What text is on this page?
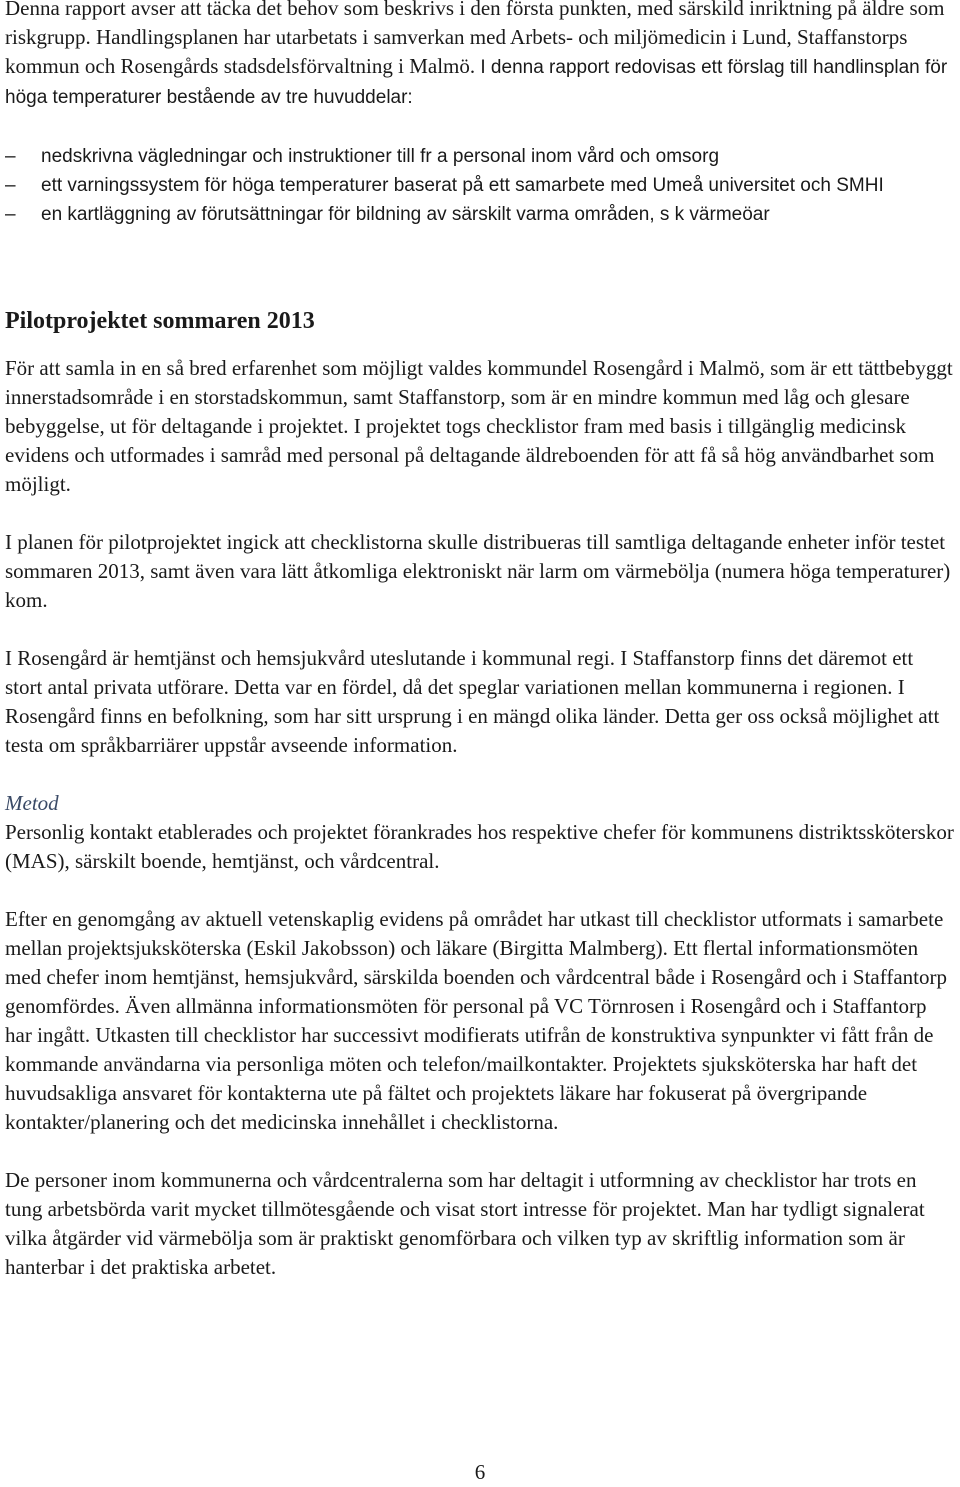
Denna rapport avser att täcka det behov som beskrivs i den första punkten, med särskild inriktning på äldre som riskgrupp. Handlingsplanen har utarbetats i samverkan med Arbets- och miljömedicin i Lund, Staffanstorps kommun och Rosengårds stadsdelsförvaltning i Malmö. I denna rapport redovisas ett förslag till handlinsplan för höga temperaturer bestående av tre huvuddelar:

– nedskrivna vägledningar och instruktioner till fr a personal inom vård och omsorg
– ett varningssystem för höga temperaturer baserat på ett samarbete med Umeå universitet och SMHI
– en kartläggning av förutsättningar för bildning av särskilt varma områden, s k värmeöar
Pilotprojektet sommaren 2013

För att samla in en så bred erfarenhet som möjligt valdes kommundel Rosengård i Malmö, som är ett tättbebyggt innerstadsområde i en storstadskommun, samt Staffanstorp, som är en mindre kommun med låg och glesare bebyggelse, ut för deltagande i projektet. I projektet togs checklistor fram med basis i tillgänglig medicinsk evidens och utformades i samråd med personal på deltagande äldreboenden för att få så hög användbarhet som möjligt.

I planen för pilotprojektet ingick att checklistorna skulle distribueras till samtliga deltagande enheter inför testet sommaren 2013, samt även vara lätt åtkomliga elektroniskt när larm om värmebölja (numera höga temperaturer) kom.

I Rosengård är hemtjänst och hemsjukvård uteslutande i kommunal regi. I Staffanstorp finns det däremot ett stort antal privata utförare. Detta var en fördel, då det speglar variationen mellan kommunerna i regionen. I Rosengård finns en befolkning, som har sitt ursprung i en mängd olika länder. Detta ger oss också möjlighet att testa om språkbarriärer uppstår avseende information.

Metod

Personlig kontakt etablerades och projektet förankrades hos respektive chefer för kommunens distriktssköterskor (MAS), särskilt boende, hemtjänst, och vårdcentral.

Efter en genomgång av aktuell vetenskaplig evidens på området har utkast till checklistor utformats i samarbete mellan projektsjuksköterska (Eskil Jakobsson) och läkare (Birgitta Malmberg). Ett flertal informationsmöten med chefer inom hemtjänst, hemsjukvård, särskilda boenden och vårdcentral både i Rosengård och i Staffantorp genomfördes. Även allmänna informationsmöten för personal på VC Törnrosen i Rosengård och i Staffantorp har ingått. Utkasten till checklistor har successivt modifierats utifrån de konstruktiva synpunkter vi fått från de kommande användarna via personliga möten och telefon/mailkontakter. Projektets sjuksköterska har haft det huvudsakliga ansvaret för kontakterna ute på fältet och projektets läkare har fokuserat på övergripande kontakter/planering och det medicinska innehållet i checklistorna.

De personer inom kommunerna och vårdcentralerna som har deltagit i utformning av checklistor har trots en tung arbetsbörda varit mycket tillmötesgående och visat stort intresse för projektet. Man har tydligt signalerat vilka åtgärder vid värmebölja som är praktiskt genomförbara och vilken typ av skriftlig information som är hanterbar i det praktiska arbetet.

6
